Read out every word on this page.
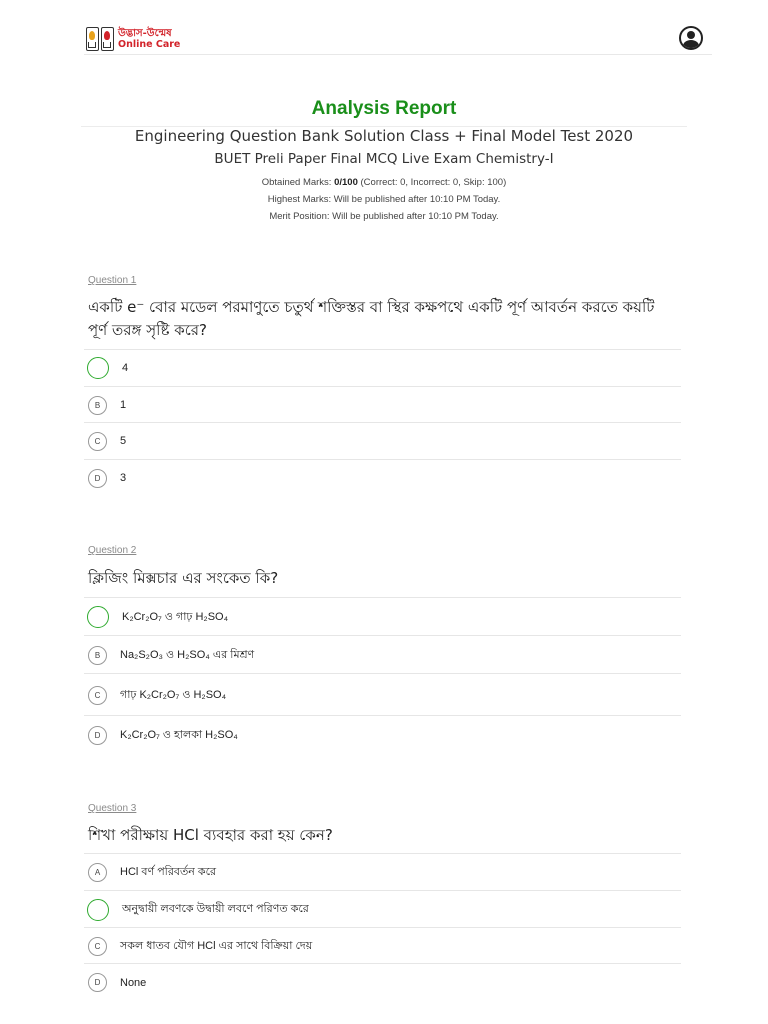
উদ্ভাস-উন্মেষ
Online Care
Analysis Report
Engineering Question Bank Solution Class + Final Model Test 2020
BUET Preli Paper Final MCQ Live Exam Chemistry-I
Obtained Marks: 0/100 (Correct: 0, Incorrect: 0, Skip: 100)
Highest Marks: Will be published after 10:10 PM Today.
Merit Position: Will be published after 10:10 PM Today.
Question 1
একটি e⁻ বোর মডেল পরমাণুতে চতুর্থ শক্তিস্তর বা স্থির কক্ষপথে একটি পূর্ণ আবর্তন করতে কয়টি পূর্ণ তরঙ্গ সৃষ্টি করে?
4
B	1
C	5
D	3
Question 2
ক্লিজিং মিক্সচার এর সংকেত কি?
K₂Cr₂O₇ ও গাঢ় H₂SO₄
B	Na₂S₂O₃ ও H₂SO₄ এর মিশ্রণ
C	গাঢ় K₂Cr₂O₇ ও H₂SO₄
D	K₂Cr₂O₇ ও হালকা H₂SO₄
Question 3
শিখা পরীক্ষায় HCl ব্যবহার করা হয় কেন?
A	HCl বর্ণ পরিবর্তন করে
অনুদ্বায়ী লবণকে উদ্বায়ী লবণে পরিণত করে
C	সকল ধাতব যৌগ HCl এর সাথে বিক্রিয়া দেয়
D	None
